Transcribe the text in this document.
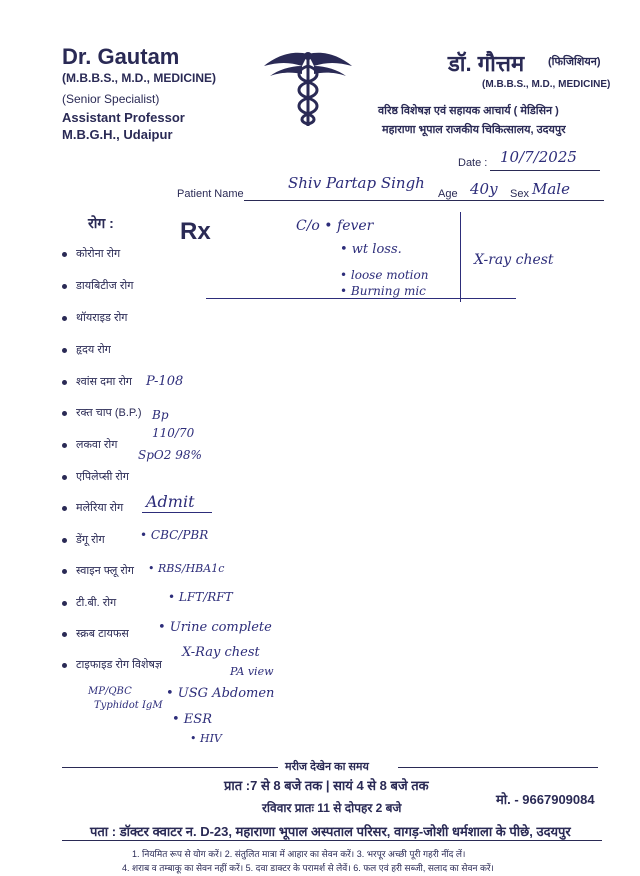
Dr. Gautam
(M.B.B.S., M.D., MEDICINE)
(Senior Specialist)
Assistant Professor
M.B.G.H., Udaipur
डॉ. गौत्तम (फिजिशियन)
(M.B.B.S., M.D., MEDICINE)
वरिष्ठ विशेषज्ञ एवं सहायक आचार्य ( मेडिसिन )
महाराणा भूपाल राजकीय चिकित्सालय, उदयपुर
Date : 10/7/2025
Patient Name
Shiv Partap Singh
Age 40y Sex Male
रोग :	Rx
कोरोना रोग
डायबिटीज रोग
थॉयराइड रोग
हृदय रोग
श्वांस दमा रोग
रक्त चाप (B.P.)
लकवा रोग
एपिलेप्सी रोग
मलेरिया रोग
डेंगू रोग
स्वाइन फ्लू रोग
टी.बी. रोग
स्क्रब टायफस
टाइफाइड रोग विशेषज्ञ
C/o • fever
• wt loss.
• loose motion
• Burning mic
X-ray chest
P-108
Bp 110/70
SpO2 98%
Admit
• CBC/PBR
• RBS/HBA1c
• LFT/RFT
• Urine complete
X-Ray chest
PA view
• USG Abdomen
• ESR
• HIV
MP/QBC
Typhidot IgM
मरीज देखेन का समय
प्रात :7 से 8 बजे तक | सायं 4 से 8 बजे तक
रविवार प्रातः 11 से दोपहर 2 बजे
मो. - 9667909084
पता : डॉक्टर क्वाटर न. D-23, महाराणा भूपाल अस्पताल परिसर, वागड़-जोशी धर्मशाला के पीछे, उदयपुर
1. नियमित रूप से योग करें। 2. संतुलित मात्रा में आहार का सेवन करें। 3. भरपूर अच्छी पूरी गहरी नींद लें।
4. शराब व तम्बाकू का सेवन नहीं करें। 5. दवा डाक्टर के परामर्श से लेवें। 6. फल एवं हरी सब्जी, सलाद का सेवन करें।
